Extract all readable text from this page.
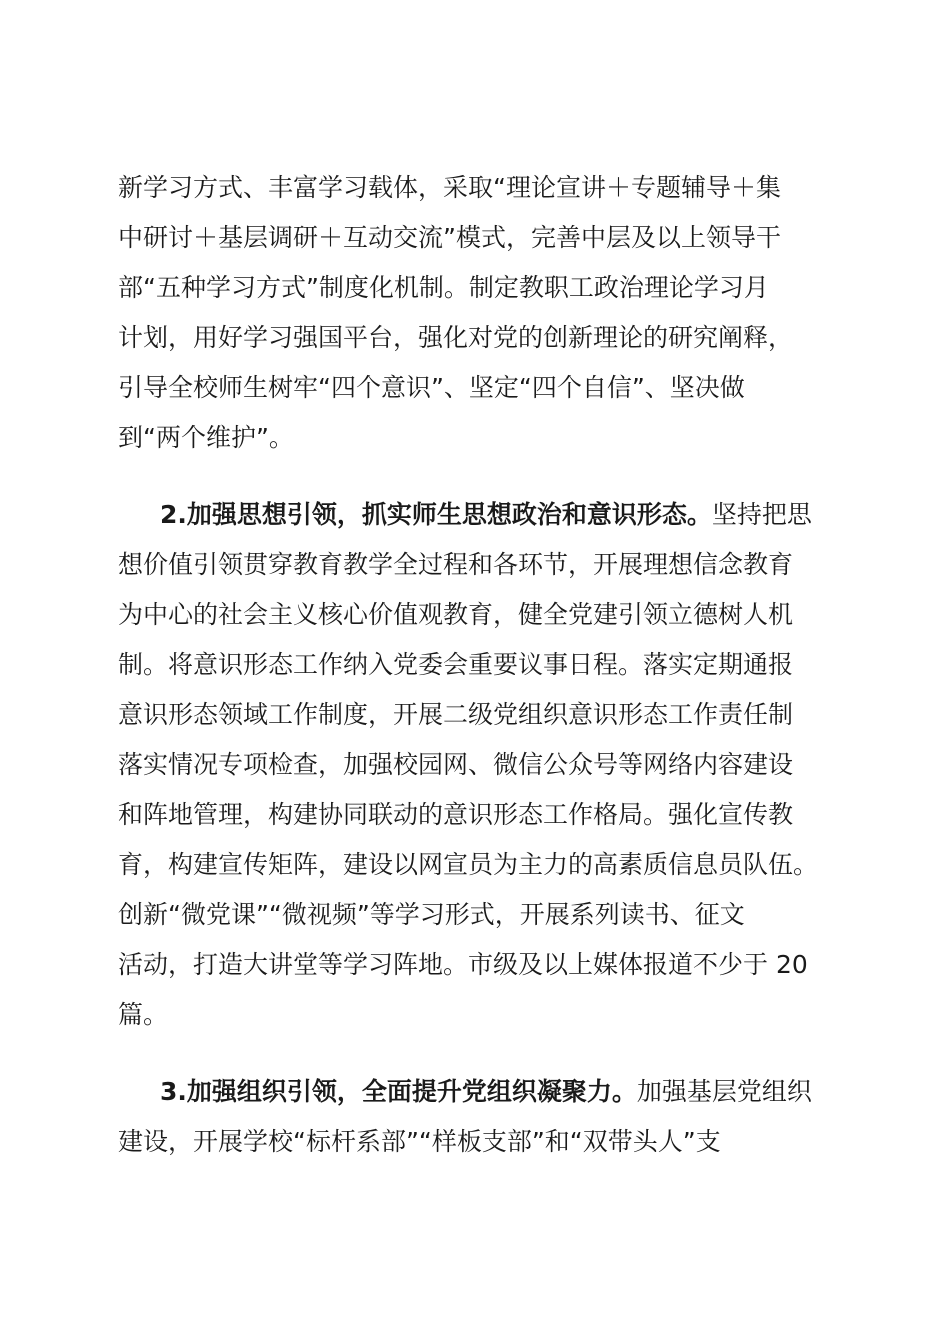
新学习方式、丰富学习载体，采取“理论宣讲＋专题辅导＋集
中研讨＋基层调研＋互动交流”模式，完善中层及以上领导干
部“五种学习方式”制度化机制。制定教职工政治理论学习月
计划，用好学习强国平台，强化对党的创新理论的研究阐释，
引导全校师生树牢“四个意识”、坚定“四个自信”、坚决做
到“两个维护”。
2.加强思想引领，抓实师生思想政治和意识形态。坚持把思
想价值引领贯穿教育教学全过程和各环节，开展理想信念教育
为中心的社会主义核心价值观教育，健全党建引领立德树人机
制。将意识形态工作纳入党委会重要议事日程。落实定期通报
意识形态领域工作制度，开展二级党组织意识形态工作责任制
落实情况专项检查，加强校园网、微信公众号等网络内容建设
和阵地管理，构建协同联动的意识形态工作格局。强化宣传教
育，构建宣传矩阵，建设以网宣员为主力的高素质信息员队伍。
创新“微党课”“微视频”等学习形式，开展系列读书、征文
活动，打造大讲堂等学习阵地。市级及以上媒体报道不少于 20
篇。
3.加强组织引领，全面提升党组织凝聚力。加强基层党组织
建设，开展学校“标杆系部”“样板支部”和“双带头人”支
